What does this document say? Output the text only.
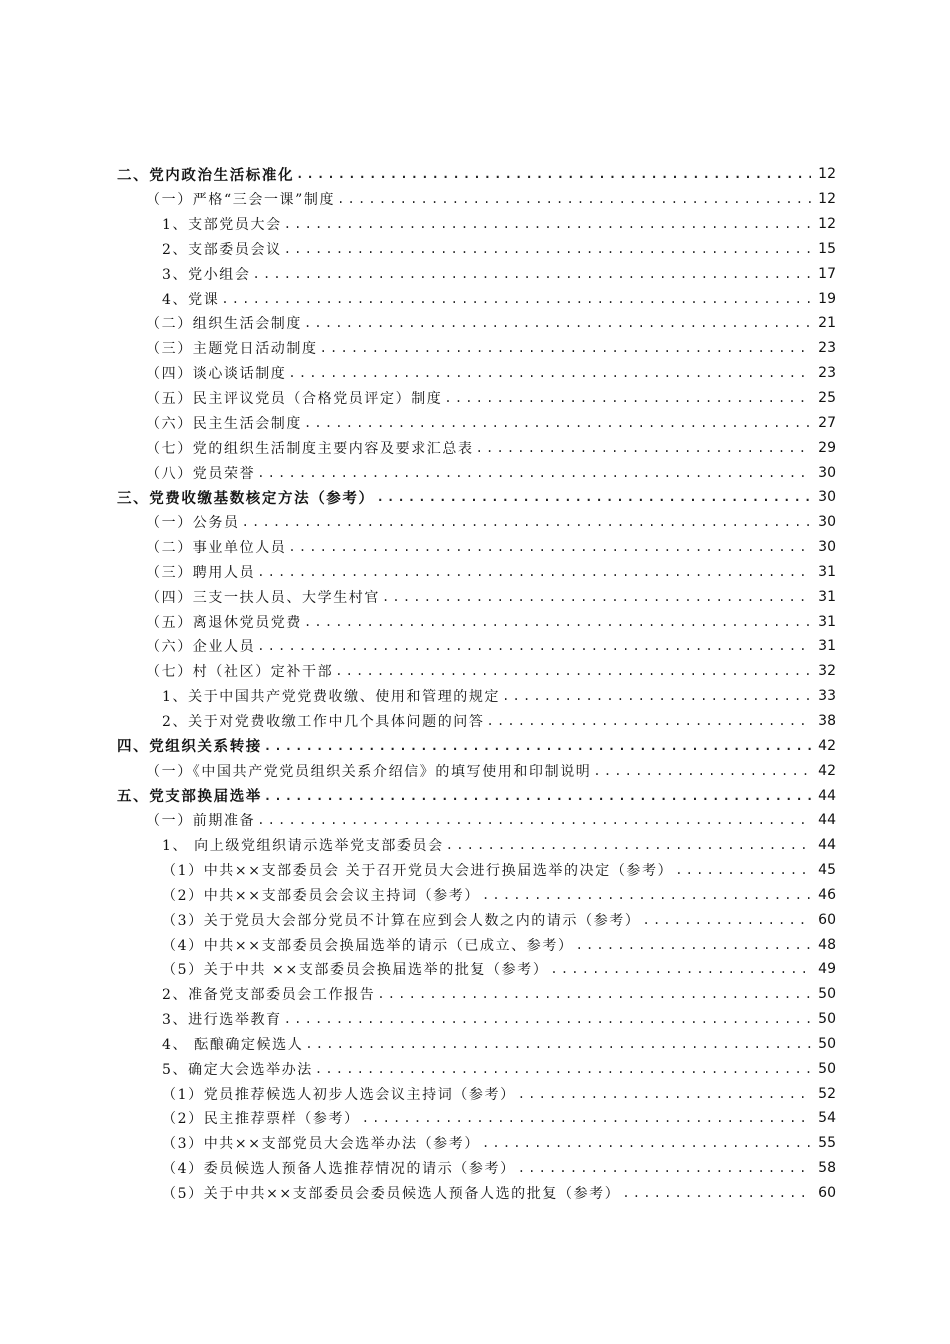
二、党内政治生活标准化 .....	12
（一）严格“三会一课”制度 .....	12
1、支部党员大会 .....	12
2、支部委员会议 .....	15
3、党小组会 .....	17
4、党课 .....	19
（二）组织生活会制度 .....	21
（三）主题党日活动制度 .....	23
（四）谈心谈话制度 .....	23
（五）民主评议党员（合格党员评定）制度 .....	25
（六）民主生活会制度 .....	27
（七）党的组织生活制度主要内容及要求汇总表 .....	29
（八）党员荣誉 .....	30
三、党费收缴基数核定方法（参考） .....	30
（一）公务员 .....	30
（二）事业单位人员 .....	30
（三）聘用人员 .....	31
（四）三支一扶人员、大学生村官 .....	31
（五）离退休党员党费 .....	31
（六）企业人员 .....	31
（七）村（社区）定补干部 .....	32
1、关于中国共产党党费收缴、使用和管理的规定 .....	33
2、关于对党费收缴工作中几个具体问题的问答 .....	38
四、党组织关系转接 .....	42
（一）《中国共产党党员组织关系介绍信》的填写使用和印制说明 .....	42
五、党支部换届选举 .....	44
（一）前期准备 .....	44
1、 向上级党组织请示选举党支部委员会 .....	44
（1）中共××支部委员会 关于召开党员大会进行换届选举的决定（参考） .....	45
（2）中共××支部委员会会议主持词（参考） .....	46
（3）关于党员大会部分党员不计算在应到会人数之内的请示（参考） .....	60
（4）中共××支部委员会换届选举的请示（已成立、参考） .....	48
（5）关于中共 ××支部委员会换届选举的批复（参考） .....	49
2、准备党支部委员会工作报告 .....	50
3、进行选举教育 .....	50
4、 酝酿确定候选人 .....	50
5、确定大会选举办法 .....	50
（1）党员推荐候选人初步人选会议主持词（参考） .....	52
（2）民主推荐票样（参考） .....	54
（3）中共××支部党员大会选举办法（参考） .....	55
（4）委员候选人预备人选推荐情况的请示（参考） .....	58
（5）关于中共××支部委员会委员候选人预备人选的批复（参考） .....	60
